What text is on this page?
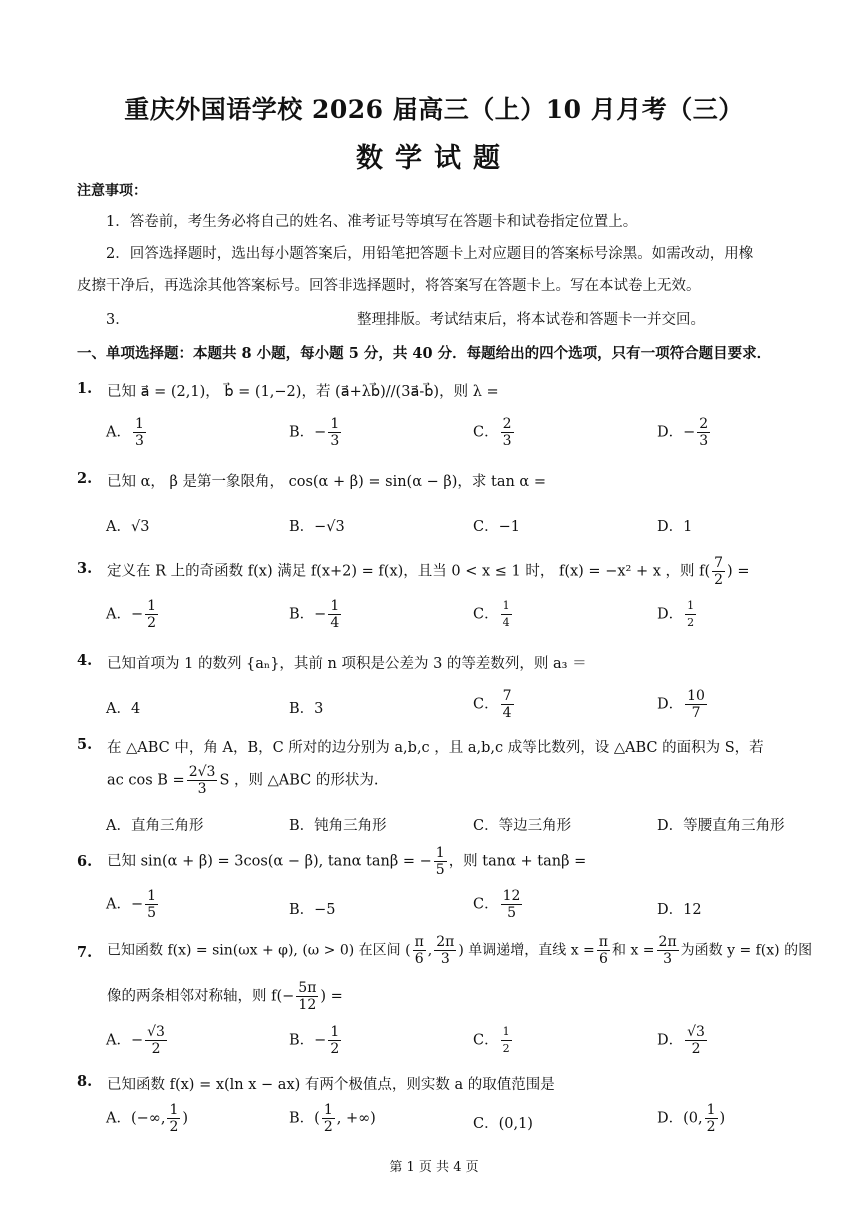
重庆外国语学校 2026 届高三（上）10 月月考（三）
数学试题
注意事项：
1．答卷前，考生务必将自己的姓名、准考证号等填写在答题卡和试卷指定位置上。
2．回答选择题时，选出每小题答案后，用铅笔把答题卡上对应题目的答案标号涂黑。如需改动，用橡
皮擦干净后，再选涂其他答案标号。回答非选择题时，将答案写在答题卡上。写在本试卷上无效。
3．	整理排版。考试结束后，将本试卷和答题卡一并交回。
一、单项选择题：本题共 8 小题，每小题 5 分，共 40 分．每题给出的四个选项，只有一项符合题目要求．
1. 已知 a⃗ = (2,1)， b⃗ = (1,−2)，若 (a⃗+λb⃗)//(3a⃗-b⃗)，则 λ =
A． $\frac{1}{3}$	B．− $\frac{1}{3}$	C． $\frac{2}{3}$	D．− $\frac{2}{3}$
2. 已知 α， β 是第一象限角， cos(α + β) = sin(α − β)，求 tan α =
A．√3	B．−√3	C．−1	D．1
3. 定义在 R 上的奇函数 f(x) 满足 f(x+2) = f(x)，且当 0 < x ≤ 1 时， f(x) = −x² + x ，则 $f( \frac{7}{2}$ ) =
A．− $\frac{1}{2}$	B．− $\frac{1}{4}$	C． $\frac{1}{4}$	D． $\frac{1}{2}$
4. 已知首项为 1 的数列 {aₙ}，其前 n 项积是公差为 3 的等差数列，则 a₃ ＝
A．4	B．3	C． $\frac{7}{4}$	D． $\frac{10}{7}$
5. 在 △ABC 中，角 A，B，C 所对的边分别为 a,b,c ，且 a,b,c 成等比数列，设 △ABC 的面积为 S，若
ac $\cos B = \frac{2√3}{3}$ S ，则 △ABC 的形状为.
A．直角三角形	B．钝角三角形	C．等边三角形	D．等腰直角三角形
6. 已知 sin(α + β) = 3cos(α − β), tanα tanβ = − $\frac{1}{5}$ ，则 tanα + tanβ =
A．− $\frac{1}{5}$	B．−5	C． $\frac{12}{5}$	D．12
7. 已知函数 f(x) = sin(ωx + φ), (ω > 0) 在区间 ( $\frac{\pi}{6}$ , $\frac{2\pi}{3}$ ) 单调递增，直线 $x = \frac{\pi}{6}$ 和 $x = \frac{2\pi}{3}$ 为函数 y = f(x) 的图
像的两条相邻对称轴，则 $f(- \frac{5\pi}{12}$ ) =
A．− $\frac{√3}{2}$	B．− $\frac{1}{2}$	C． $\frac{1}{2}$	D． $\frac{√3}{2}$
8. 已知函数 f(x) = x(ln x − ax) 有两个极值点，则实数 a 的取值范围是
A．(−∞, $\frac{1}{2}$ )	B．( $\frac{1}{2}$ , +∞)	C．(0,1)	D．(0, $\frac{1}{2}$ )
第 1 页 共 4 页
